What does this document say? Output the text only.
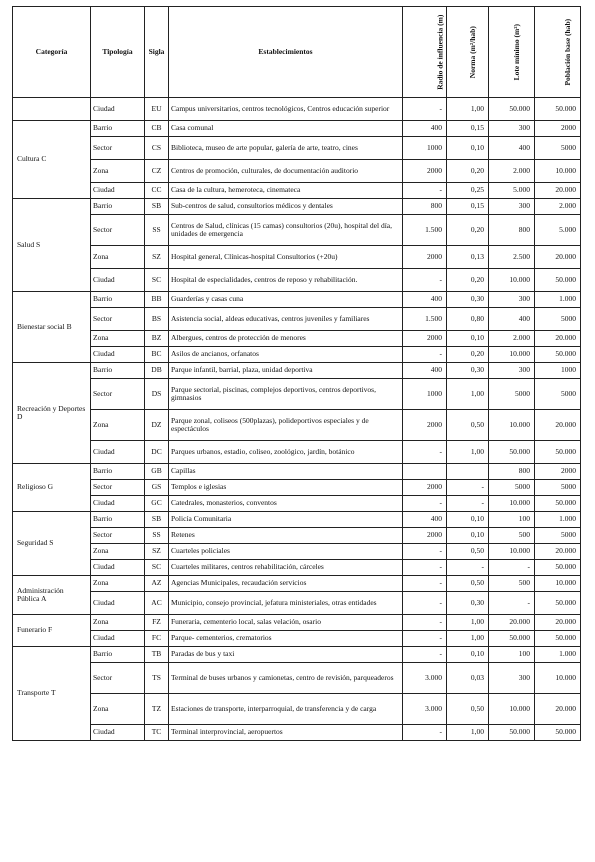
Categoría	Tipología	Sigla	Establecimientos	Radio de influencia (m)	Norma (m²/hab)	Lote mínimo (m²)	Población base (hab)
	Ciudad	EU	Campus universitarios, centros tecnológicos, Centros educación superior	-	1,00	50.000	50.000
Cultura C	Barrio	CB	Casa comunal	400	0,15	300	2000
	Sector	CS	Biblioteca, museo de arte popular, galería de arte, teatro, cines	1000	0,10	400	5000
	Zona	CZ	Centros de promoción, culturales, de documentación auditorio	2000	0,20	2.000	10.000
	Ciudad	CC	Casa de la cultura, hemeroteca, cinemateca	-	0,25	5.000	20.000
Salud S	Barrio	SB	Sub-centros de salud, consultorios médicos y dentales	800	0,15	300	2.000
	Sector	SS	Centros de Salud, clínicas (15 camas) consultorios (20u), hospital del día, unidades de emergencia	1.500	0,20	800	5.000
	Zona	SZ	Hospital general, Clínicas-hospital Consultorios (+20u)	2000	0,13	2.500	20.000
	Ciudad	SC	Hospital de especialidades, centros de reposo y rehabilitación.	-	0,20	10.000	50.000
Bienestar social B	Barrio	BB	Guarderías y casas cuna	400	0,30	300	1.000
	Sector	BS	Asistencia social, aldeas educativas, centros juveniles y familiares	1.500	0,80	400	5000
	Zona	BZ	Albergues, centros de protección de menores	2000	0,10	2.000	20.000
	Ciudad	BC	Asilos de ancianos, orfanatos	-	0,20	10.000	50.000
Recreación y Deportes D	Barrio	DB	Parque infantil, barrial, plaza, unidad deportiva	400	0,30	300	1000
	Sector	DS	Parque sectorial, piscinas, complejos deportivos, centros deportivos, gimnasios	1000	1,00	5000	5000
	Zona	DZ	Parque zonal, coliseos (500plazas), polideportivos especiales y de espectáculos	2000	0,50	10.000	20.000
	Ciudad	DC	Parques urbanos, estadio, coliseo, zoológico, jardín, botánico	-	1,00	50.000	50.000
Religioso G	Barrio	GB	Capillas			800	2000
	Sector	GS	Templos e iglesias	2000	-	5000	5000
	Ciudad	GC	Catedrales, monasterios, conventos	-	-	10.000	50.000
Seguridad S	Barrio	SB	Policía Comunitaria	400	0,10	100	1.000
	Sector	SS	Retenes	2000	0,10	500	5000
	Zona	SZ	Cuarteles policiales	-	0,50	10.000	20.000
	Ciudad	SC	Cuarteles militares, centros rehabilitación, cárceles	-	-	-	50.000
Administración Pública A	Zona	AZ	Agencias Municipales, recaudación servicios	-	0,50	500	10.000
	Ciudad	AC	Municipio, consejo provincial, jefatura ministeriales, otras entidades	-	0,30	-	50.000
Funerario F	Zona	FZ	Funeraria, cementerio local, salas velación, osario	-	1,00	20.000	20.000
	Ciudad	FC	Parque- cementerios, crematorios	-	1,00	50.000	50.000
Transporte T	Barrio	TB	Paradas de bus y taxi	-	0,10	100	1.000
	Sector	TS	Terminal de buses urbanos y camionetas, centro de revisión, parqueaderos	3.000	0,03	300	10.000
	Zona	TZ	Estaciones de transporte, interparroquial, de transferencia y de carga	3.000	0,50	10.000	20.000
	Ciudad	TC	Terminal interprovincial, aeropuertos	-	1,00	50.000	50.000
